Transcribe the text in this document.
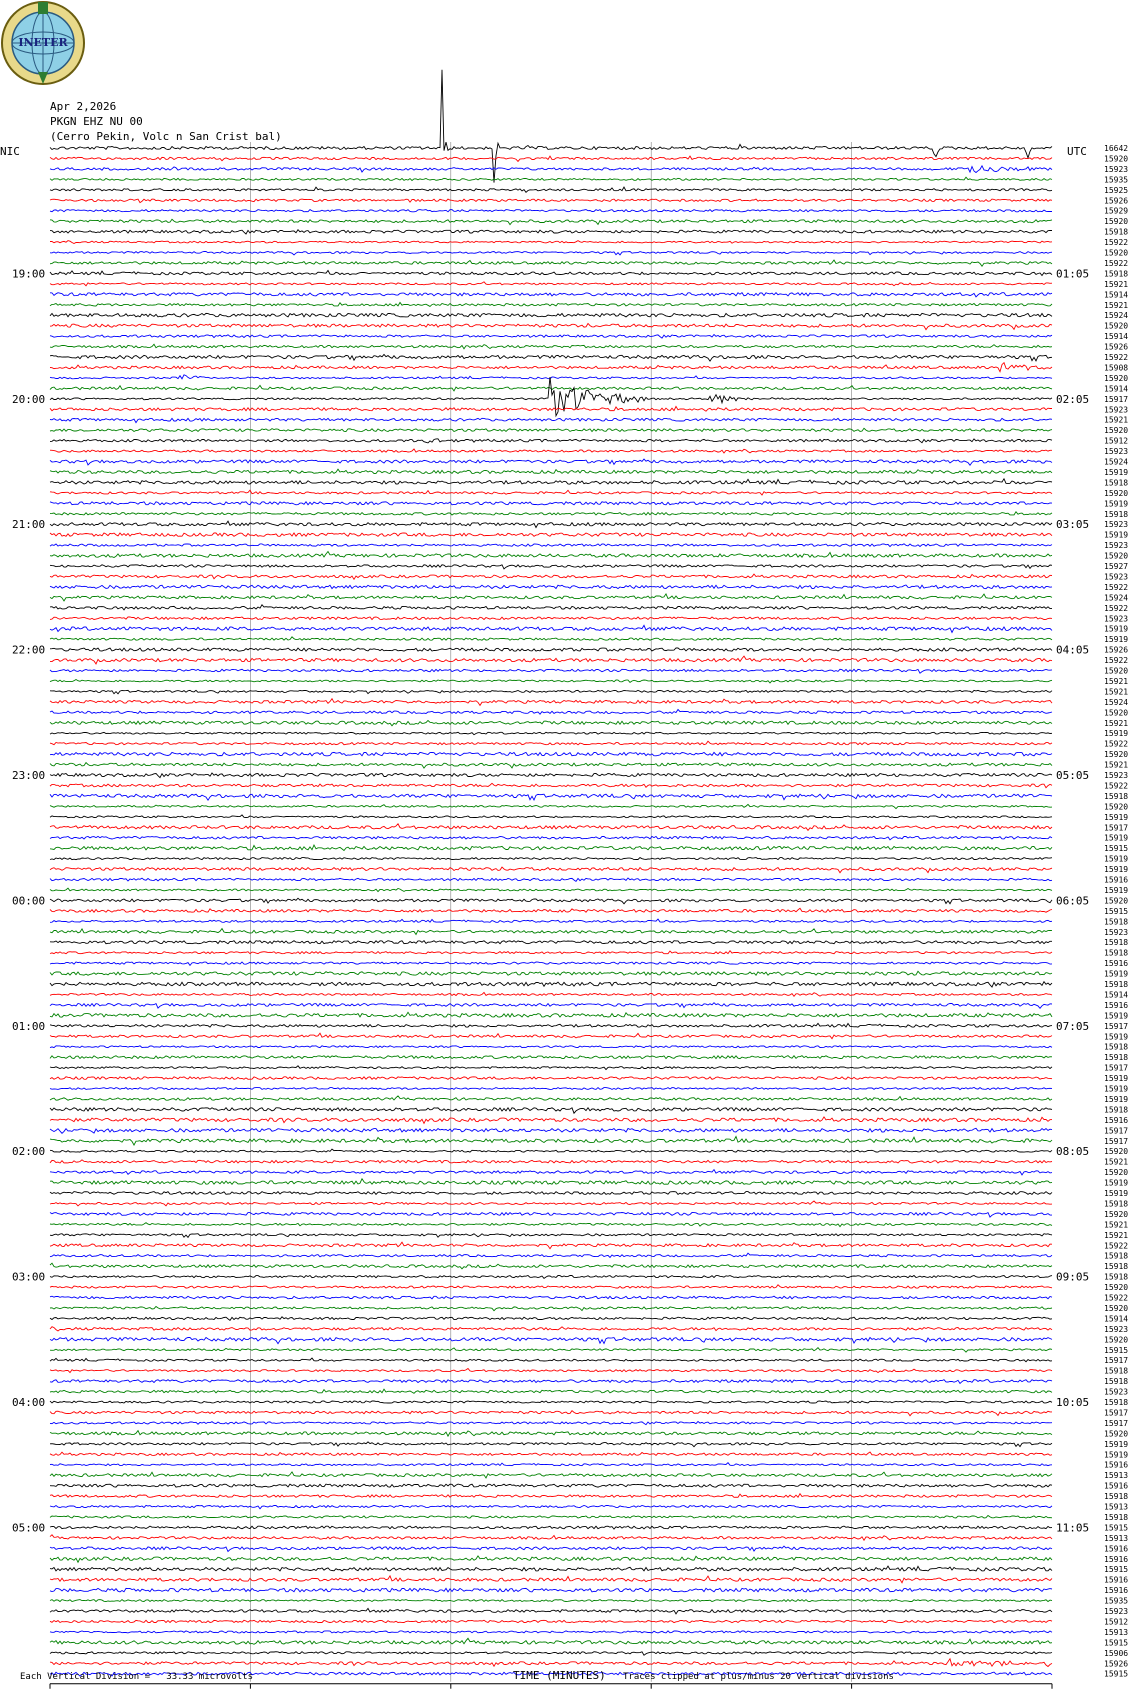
16642
15920
15923
15935
15925
15926
15929
15920
15918
15922
15920
15922
15918
15921
15914
15921
15924
15920
15914
15926
15922
15908
15920
15914
15917
15923
15921
15920
15912
15923
15924
15919
15918
15920
15919
15918
15923
15919
15923
15920
15927
15923
15922
15924
15922
15923
15919
15919
15926
15922
15920
15921
15921
15924
15920
15921
15919
15922
15920
15921
15923
15922
15918
15920
15919
15917
15919
15915
15919
15919
15916
15919
15920
15915
15918
15923
15918
15918
15916
15919
15918
15914
15916
15919
15917
15919
15918
15918
15917
15919
15919
15919
15918
15916
15917
15917
15920
15921
15920
15919
15919
15918
15920
15921
15921
15922
15918
15918
15918
15920
15922
15920
15914
15923
15920
15915
15917
15918
15918
15923
15918
15917
15917
15920
15919
15919
15916
15913
15916
15918
15913
15918
15915
15913
15916
15916
15915
15916
15916
15935
15923
15912
15913
15915
15906
15926
15915
19:00	01:05
20:00	02:05
21:00	03:05
22:00	04:05
23:00	05:05
00:00	06:05
01:00	07:05
02:00	08:05
03:00	09:05
04:00	10:05
05:00	11:05
INETER
Apr 2,2026
PKGN EHZ NU 00
(Cerro Pekin, Volc n San Crist bal)
NIC	UTC
Each Vertical Division =   33.33 microvolts	TIME (MINUTES) Traces clipped at plus/minus 20 vertical divisions
